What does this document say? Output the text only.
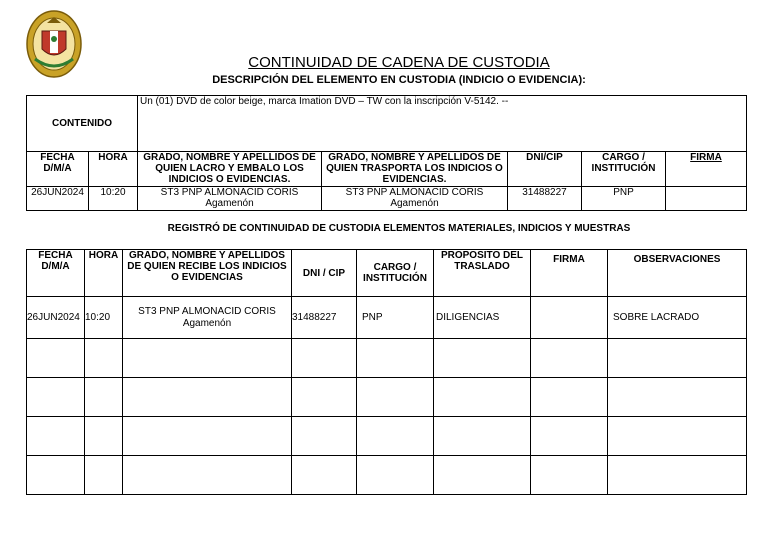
CONTINUIDAD DE CADENA DE CUSTODIA
DESCRIPCIÓN DEL ELEMENTO EN CUSTODIA (INDICIO O EVIDENCIA):
CONTENIDO		Un (01) DVD de color beige, marca Imation DVD – TW con la inscripción V-5142. --				
FECHA D/M/A	HORA	GRADO, NOMBRE Y APELLIDOS DE QUIEN LACRO Y EMBALO LOS INDICIOS O EVIDENCIAS.	GRADO, NOMBRE Y APELLIDOS DE QUIEN TRASPORTA LOS INDICIOS O EVIDENCIAS.	DNI/CIP	CARGO / INSTITUCIÓN	FIRMA
26JUN2024	10:20	ST3 PNP ALMONACID CORIS Agamenón	ST3 PNP ALMONACID CORIS Agamenón	31488227	PNP	
REGISTRÓ DE CONTINUIDAD DE CUSTODIA ELEMENTOS MATERIALES, INDICIOS Y MUESTRAS
FECHA D/M/A	HORA	GRADO, NOMBRE Y APELLIDOS DE QUIEN RECIBE LOS INDICIOS O EVIDENCIAS	DNI / CIP	CARGO / INSTITUCIÓN	PROPOSITO DEL TRASLADO	FIRMA	OBSERVACIONES
26JUN2024	10:20	ST3 PNP ALMONACID CORIS Agamenón	31488227	PNP	DILIGENCIAS		SOBRE LACRADO
